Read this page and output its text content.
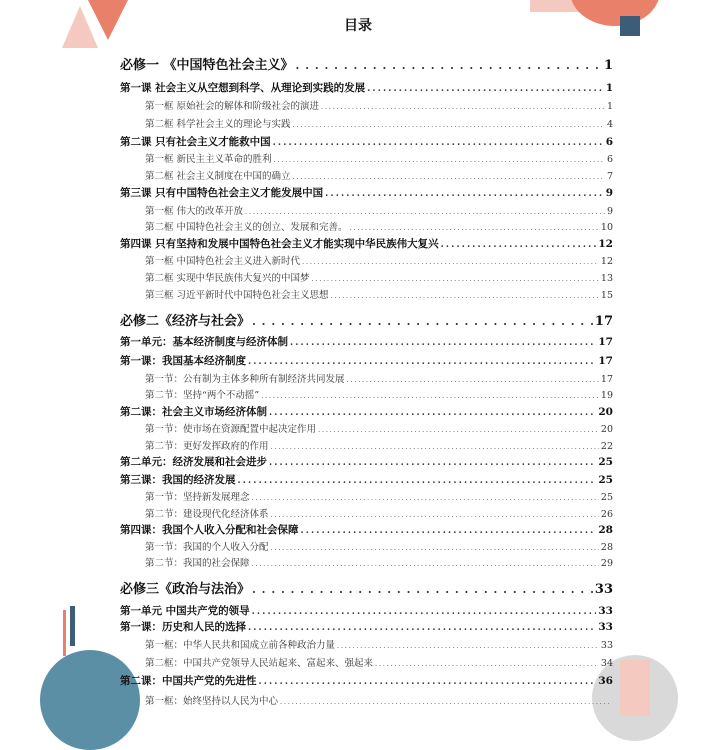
目录
必修一 《中国特色社会主义》 . . .	1
第一课 社会主义从空想到科学、从理论到实践的发展 . . .	1
第一框 原始社会的解体和阶级社会的演进 . . .	1
第二框 科学社会主义的理论与实践 . . .	4
第二课 只有社会主义才能救中国 . . .	6
第一框 新民主主义革命的胜利 . . .	6
第二框 社会主义制度在中国的确立 . . .	7
第三课 只有中国特色社会主义才能发展中国 . . .	9
第一框 伟大的改革开放 . . .	9
第二框 中国特色社会主义的创立、发展和完善。 . . .	10
第四课 只有坚持和发展中国特色社会主义才能实现中华民族伟大复兴 . . .	12
第一框 中国特色社会主义进入新时代 . . .	12
第二框 实现中华民族伟大复兴的中国梦 . . .	13
第三框 习近平新时代中国特色社会主义思想 . . .	15
必修二《经济与社会》 . . .	17
第一单元：基本经济制度与经济体制 . . .	17
第一课：我国基本经济制度 . . .	17
第一节：公有制为主体多种所有制经济共同发展 . . .	17
第二节：坚持“两个不动摇” . . .	19
第二课：社会主义市场经济体制 . . .	20
第一节：使市场在资源配置中起决定作用 . . .	20
第二节：更好发挥政府的作用 . . .	22
第二单元：经济发展和社会进步 . . .	25
第三课：我国的经济发展 . . .	25
第一节：坚持新发展理念 . . .	25
第二节：建设现代化经济体系 . . .	26
第四课：我国个人收入分配和社会保障 . . .	28
第一节：我国的个人收入分配 . . .	28
第二节：我国的社会保障 . . .	29
必修三《政治与法治》 . . .	33
第一单元 中国共产党的领导 . . .	33
第一课：历史和人民的选择 . . .	33
第一框：中华人民共和国成立前各种政治力量 . . .	33
第二框：中国共产党领导人民站起来、富起来、强起来 . . .	34
第二课：中国共产党的先进性 . . .	36
第一框：始终坚持以人民为中心
. . .
